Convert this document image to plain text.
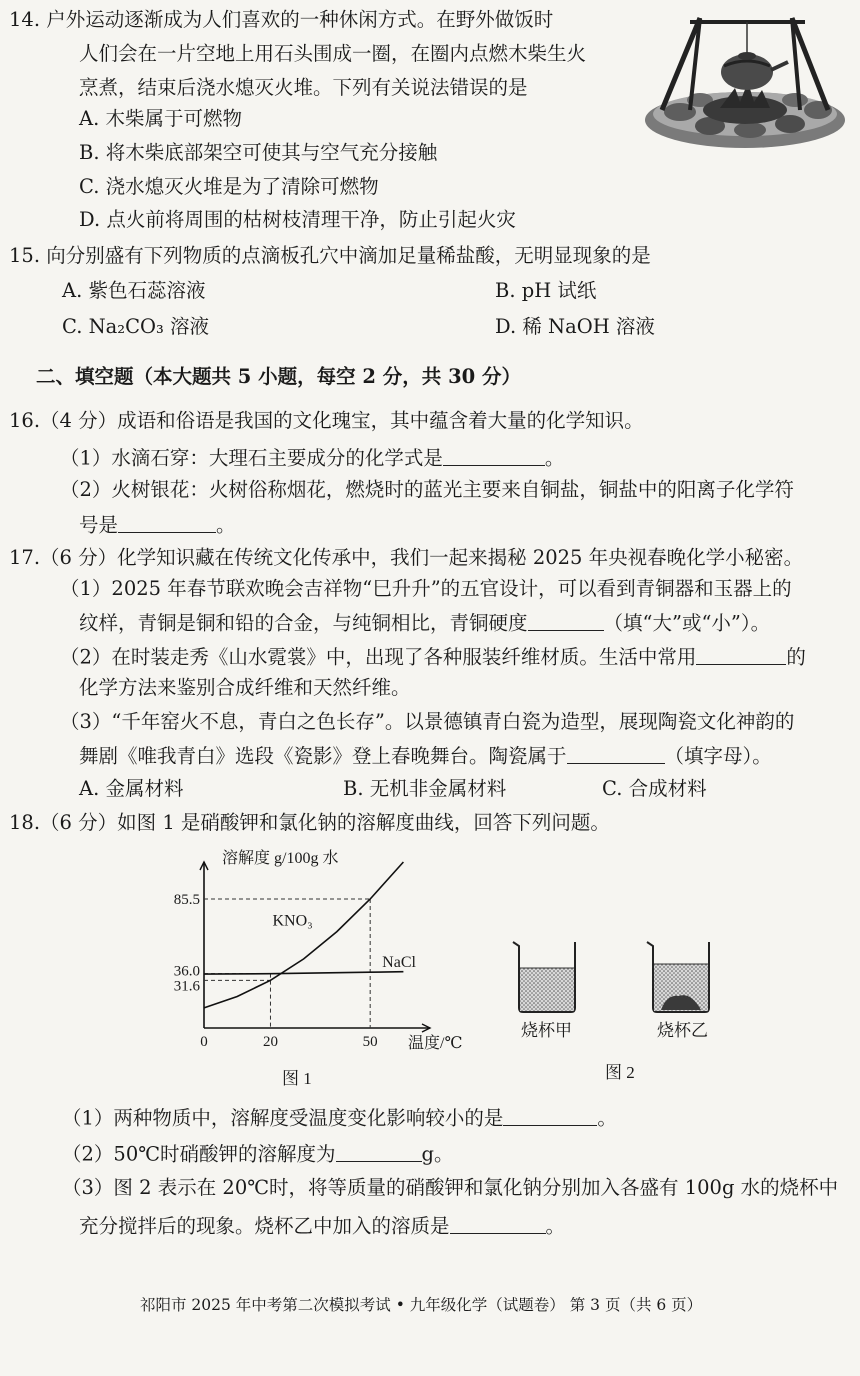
14. 户外运动逐渐成为人们喜欢的一种休闲方式。在野外做饭时
人们会在一片空地上用石头围成一圈，在圈内点燃木柴生火
烹煮，结束后浇水熄灭火堆。下列有关说法错误的是
A. 木柴属于可燃物
B. 将木柴底部架空可使其与空气充分接触
C. 浇水熄灭火堆是为了清除可燃物
D. 点火前将周围的枯树枝清理干净，防止引起火灾
15. 向分别盛有下列物质的点滴板孔穴中滴加足量稀盐酸，无明显现象的是
A. 紫色石蕊溶液	B. pH 试纸
C. Na₂CO₃ 溶液	D. 稀 NaOH 溶液
二、填空题（本大题共 5 小题，每空 2 分，共 30 分）
16.（4 分）成语和俗语是我国的文化瑰宝，其中蕴含着大量的化学知识。
（1）水滴石穿：大理石主要成分的化学式是	。
（2）火树银花：火树俗称烟花，燃烧时的蓝光主要来自铜盐，铜盐中的阳离子化学符
号是	。
17.（6 分）化学知识藏在传统文化传承中，我们一起来揭秘 2025 年央视春晚化学小秘密。
（1）2025 年春节联欢晚会吉祥物“巳升升”的五官设计，可以看到青铜器和玉器上的
纹样，青铜是铜和铅的合金，与纯铜相比，青铜硬度	（填“大”或“小”）。
（2）在时装走秀《山水霓裳》中，出现了各种服装纤维材质。生活中常用	的
化学方法来鉴别合成纤维和天然纤维。
（3）“千年窑火不息，青白之色长存”。以景德镇青白瓷为造型，展现陶瓷文化神韵的
舞剧《唯我青白》选段《瓷影》登上春晚舞台。陶瓷属于	（填字母）。
A. 金属材料	B. 无机非金属材料	C. 合成材料
18.（6 分）如图 1 是硝酸钾和氯化钠的溶解度曲线，回答下列问题。
溶解度 g/100g 水
KNO₃
NaCl
31.6
36.0
85.5
0	20	50 温度/℃
图 1
烧杯甲	烧杯乙
图 2
（1）两种物质中，溶解度受温度变化影响较小的是	。
（2）50℃时硝酸钾的溶解度为	g。
（3）图 2 表示在 20℃时，将等质量的硝酸钾和氯化钠分别加入各盛有 100g 水的烧杯中
充分搅拌后的现象。烧杯乙中加入的溶质是	。
祁阳市 2025 年中考第二次模拟考试 • 九年级化学（试题卷） 第 3 页（共 6 页）
